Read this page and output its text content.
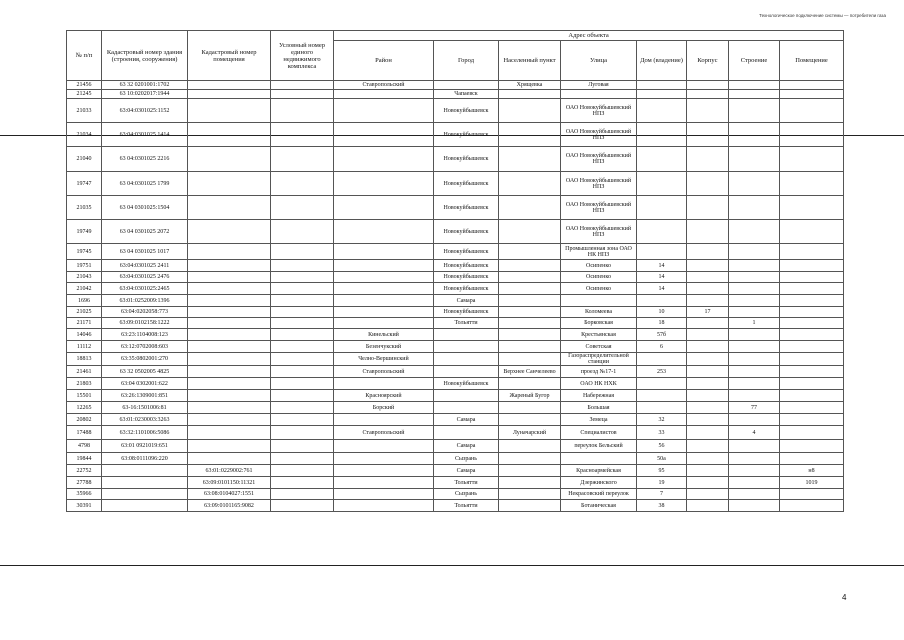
Технологическое подключение системы — потребители газа
№ п/п	Кадастровый номер здания (строения, сооружения)	Кадастровый номер помещения	Условный номер единого недвижимого комплекса	Адрес объекта							
				Район	Город	Населенный пункт	Улица	Дом (владение)	Корпус	Строение	Помещение
21456	63 32 0201001:1702			Ставропольский		Хрящевка	Луговая				
21245	63 10:0202017:1944				Чапаевск						
21033	63:04:0301025:1152				Новокуйбышевск		ОАО Новокуйбышевский НПЗ				
21034	63:04:0301025 1414				Новокуйбышевск		ОАО Новокуйбышевский НПЗ				
21040	63 04:0301025 2216				Новокуйбышевск		ОАО Новокуйбышевский НПЗ				
19747	63 04:0301025 1799				Новокуйбышевск		ОАО Новокуйбышевский НПЗ				
21035	63 04 0301025:1504				Новокуйбышевск		ОАО Новокуйбышевский НПЗ				
19749	63 04 0301025 2072				Новокуйбышевск		ОАО Новокуйбышевский НПЗ				
19745	63 04 0301025 1017				Новокуйбышевск		Промышленная зона ОАО НК НПЗ				
19751	63:04:0301025 2411				Новокуйбышевск		Осипенко	14			
21043	63:04:0301025 2476				Новокуйбышевск		Осипенко	14			
21042	63:04:0301025:2465				Новокуйбышевск		Осипенко	14			
1696	63:01:0252009:1396				Самара						
21025	63:04:0202058:773				Новокуйбышевск		Коломеева	10	17		
21171	63:09:0102158:1222				Тольятти		Борковская	18		1	
14046	63:23:1104008:123			Кинельский			Крестьянская	57б			
11112	63:12:0702008:603			Безенчукский			Советская	6			
18813	63:35:0802001:270			Челно-Вершинский			Газораспределительной станции				
21461	63 32 0502005 4825			Ставропольский		Верхнее Санчелеево	проезд №17-1	253			
21803	63:04 0302001:622				Новокуйбышевск		ОАО НК НХК				
15501	63:26:1309001:851			Красноярский		Жареный Бугор	Набережная				
12265	63-16:1501006:81			Борский			Большая			77	
20802	63:01:0230003:3263				Самара		Земеца	32			
17488	63:32:1101006:5086			Ставропольский		Луначарский	Специалистов	33		4	
4798	63:01 0921019:651				Самара		переулок Бельский	56			
19844	63:08:0111096:220				Сызрань			50а			
22752		63:01:0229002:761			Самара		Красноармейская	95			н8
27788		63:09:0101150:11321			Тольятти		Дзержинского	19			1019
35966		63:08:0104027:1551			Сызрань		Некрасовский переулок	7			
30391		63:09:0101165:9082			Тольятти		Ботаническая	38			
4
